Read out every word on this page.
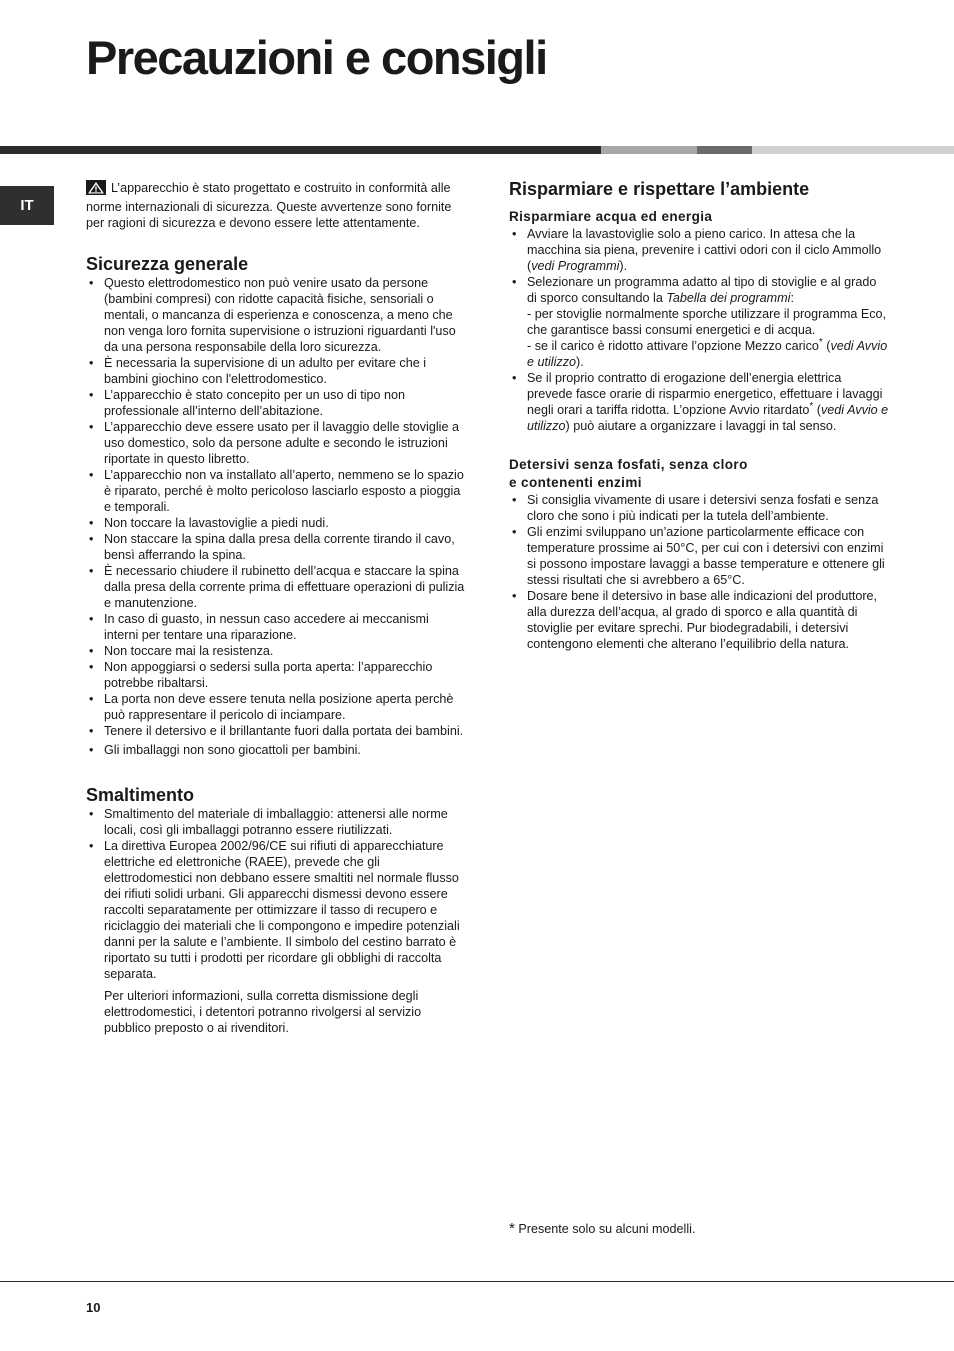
Precauzioni e consigli
IT

L’apparecchio è stato progettato e costruito in conformità alle norme internazionali di sicurezza. Queste avvertenze sono fornite per ragioni di sicurezza e devono essere lette attentamente.

Sicurezza generale
• Questo elettrodomestico non può venire usato da persone (bambini compresi) con ridotte capacità fisiche, sensoriali o mentali, o mancanza di esperienza e conoscenza, a meno che non venga loro fornita supervisione o istruzioni riguardanti l'uso da una persona responsabile della loro sicurezza.
• È necessaria la supervisione di un adulto per evitare che i bambini giochino con l'elettrodomestico.
• L’apparecchio è stato concepito per un uso di tipo non professionale all’interno dell’abitazione.
• L’apparecchio deve essere usato per il lavaggio delle stoviglie a uso domestico, solo da persone adulte e secondo le istruzioni riportate in questo libretto.
• L’apparecchio non va installato all’aperto, nemmeno se lo spazio è riparato, perché è molto pericoloso lasciarlo esposto a pioggia e temporali.
• Non toccare la lavastoviglie a piedi nudi.
• Non staccare la spina dalla presa della corrente tirando il cavo, bensì afferrando la spina.
• È necessario chiudere il rubinetto dell’acqua e staccare la spina dalla presa della corrente prima di effettuare operazioni di pulizia e manutenzione.
• In caso di guasto, in nessun caso accedere ai meccanismi interni per tentare una riparazione.
• Non toccare mai la resistenza.
• Non appoggiarsi o sedersi sulla porta aperta: l’apparecchio potrebbe ribaltarsi.
• La porta non deve essere tenuta nella posizione aperta perchè può rappresentare il pericolo di inciampare.
• Tenere il detersivo e il brillantante fuori dalla portata dei bambini.
• Gli imballaggi non sono giocattoli per bambini.
Smaltimento
• Smaltimento del materiale di imballaggio: attenersi alle norme locali, così gli imballaggi potranno essere riutilizzati.
• La direttiva Europea 2002/96/CE sui rifiuti di apparecchiature elettriche ed elettroniche (RAEE), prevede che gli elettrodomestici non debbano essere smaltiti nel normale flusso dei rifiuti solidi urbani. Gli apparecchi dismessi devono essere raccolti separatamente per ottimizzare il tasso di recupero e riciclaggio dei materiali che li compongono e impedire potenziali danni per la salute e l’ambiente. Il simbolo del cestino barrato è riportato su tutti i prodotti per ricordare gli obblighi di raccolta separata.

Per ulteriori informazioni, sulla corretta dismissione degli elettrodomestici, i detentori potranno rivolgersi al servizio pubblico preposto o ai rivenditori.

Risparmiare e rispettare l’ambiente
Risparmiare acqua ed energia
• Avviare la lavastoviglie solo a pieno carico. In attesa che la macchina sia piena, prevenire i cattivi odori con il ciclo Ammollo (vedi Programmi).
• Selezionare un programma adatto al tipo di stoviglie e al grado di sporco consultando la Tabella dei programmi:
- per stoviglie normalmente sporche utilizzare il programma Eco, che garantisce bassi consumi energetici e di acqua.
- se il carico è ridotto attivare l’opzione Mezzo carico* (vedi Avvio e utilizzo).
• Se il proprio contratto di erogazione dell’energia elettrica prevede fasce orarie di risparmio energetico, effettuare i lavaggi negli orari a tariffa ridotta. L’opzione Avvio ritardato* (vedi Avvio e utilizzo) può aiutare a organizzare i lavaggi in tal senso.
Detersivi senza fosfati, senza cloro
e contenenti enzimi
• Si consiglia vivamente di usare i detersivi senza fosfati e senza cloro che sono i più indicati per la tutela dell’ambiente.
• Gli enzimi sviluppano un’azione particolarmente efficace con temperature prossime ai 50°C, per cui con i detersivi con enzimi si possono impostare lavaggi a basse temperature e ottenere gli stessi risultati che si avrebbero a 65°C.
• Dosare bene il detersivo in base alle indicazioni del produttore, alla durezza dell’acqua, al grado di sporco e alla quantità di stoviglie per evitare sprechi. Pur biodegradabili, i detersivi contengono elementi che alterano l’equilibrio della natura.
* Presente solo su alcuni modelli.
10
